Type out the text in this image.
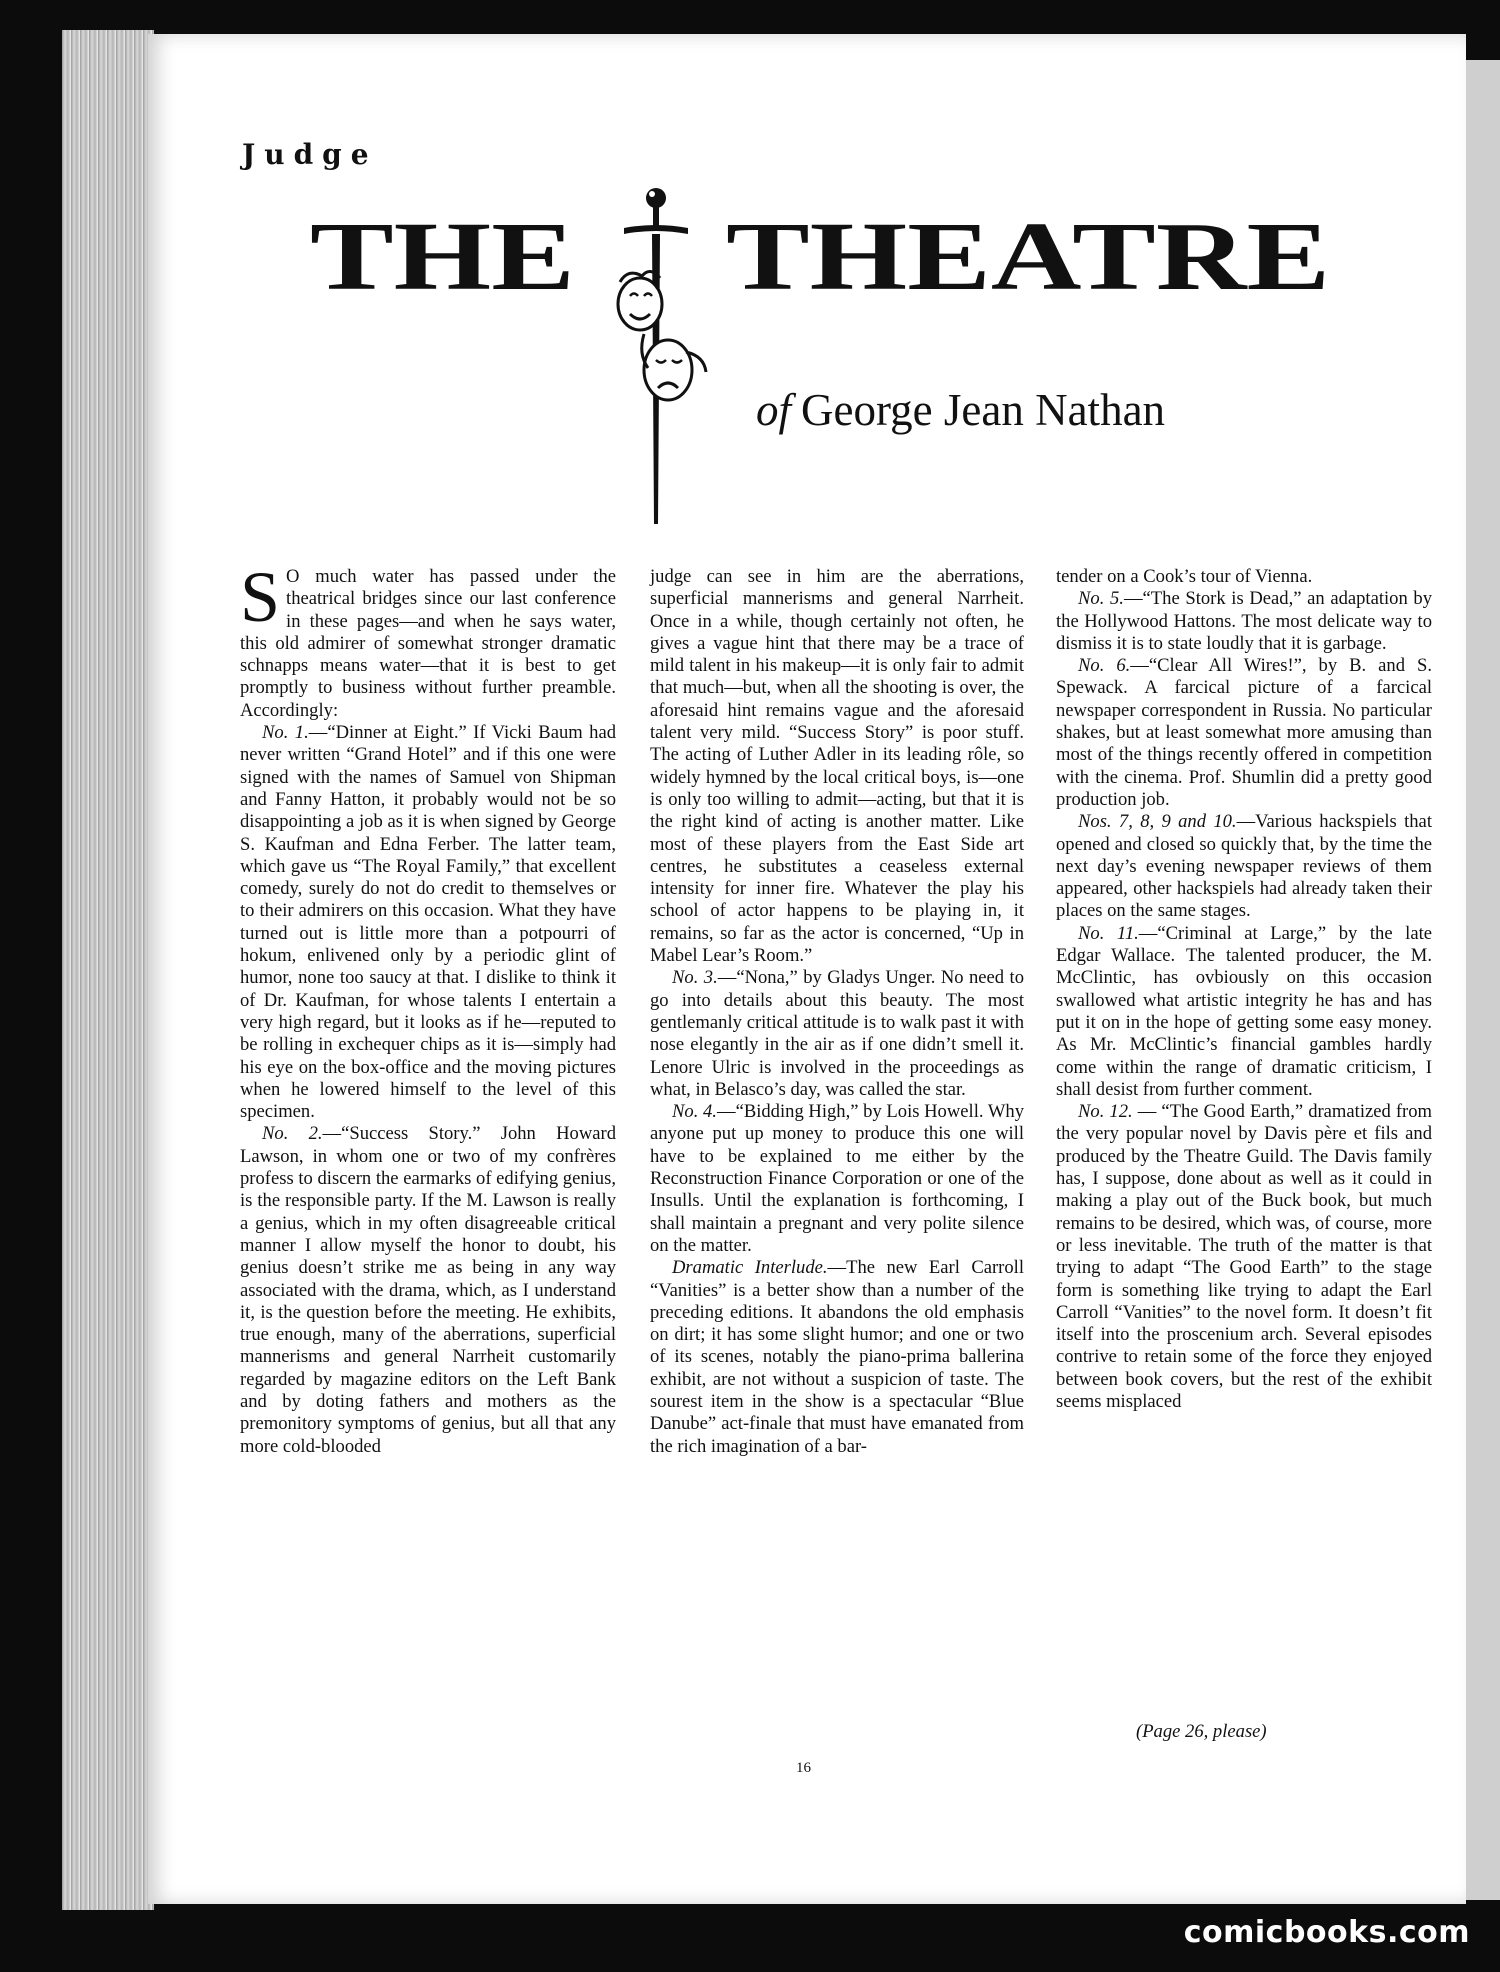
Judge
THE THEATRE
of George Jean Nathan

S O much water has passed under the theatrical bridges since our last conference in these pages—and when he says water, this old admirer of somewhat stronger dramatic schnapps means water—that it is best to get promptly to business without further preamble. Accordingly:

No. 1.—“Dinner at Eight.” If Vicki Baum had never written “Grand Hotel” and if this one were signed with the names of Samuel von Shipman and Fanny Hatton, it probably would not be so disappointing a job as it is when signed by George S. Kaufman and Edna Ferber. The latter team, which gave us “The Royal Family,” that excellent comedy, surely do not do credit to themselves or to their admirers on this occasion. What they have turned out is little more than a potpourri of hokum, enlivened only by a periodic glint of humor, none too saucy at that. I dislike to think it of Dr. Kaufman, for whose talents I entertain a very high regard, but it looks as if he—reputed to be rolling in exchequer chips as it is—simply had his eye on the box-office and the moving pictures when he lowered himself to the level of this specimen.

No. 2.—“Success Story.” John Howard Lawson, in whom one or two of my confrères profess to discern the earmarks of edifying genius, is the responsible party. If the M. Lawson is really a genius, which in my often disagreeable critical manner I allow myself the honor to doubt, his genius doesn’t strike me as being in any way associated with the drama, which, as I understand it, is the question before the meeting. He exhibits, true enough, many of the aberrations, superficial mannerisms and general Narrheit customarily regarded by magazine editors on the Left Bank and by doting fathers and mothers as the premonitory symptoms of genius, but all that any more cold-blooded

judge can see in him are the aberrations, superficial mannerisms and general Narrheit. Once in a while, though certainly not often, he gives a vague hint that there may be a trace of mild talent in his makeup—it is only fair to admit that much—but, when all the shooting is over, the aforesaid hint remains vague and the aforesaid talent very mild. “Success Story” is poor stuff. The acting of Luther Adler in its leading rôle, so widely hymned by the local critical boys, is—one is only too willing to admit—acting, but that it is the right kind of acting is another matter. Like most of these players from the East Side art centres, he substitutes a ceaseless external intensity for inner fire. Whatever the play his school of actor happens to be playing in, it remains, so far as the actor is concerned, “Up in Mabel Lear’s Room.”

No. 3.—“Nona,” by Gladys Unger. No need to go into details about this beauty. The most gentlemanly critical attitude is to walk past it with nose elegantly in the air as if one didn’t smell it. Lenore Ulric is involved in the proceedings as what, in Belasco’s day, was called the star.

No. 4.—“Bidding High,” by Lois Howell. Why anyone put up money to produce this one will have to be explained to me either by the Reconstruction Finance Corporation or one of the Insulls. Until the explanation is forthcoming, I shall maintain a pregnant and very polite silence on the matter.

Dramatic Interlude.—The new Earl Carroll “Vanities” is a better show than a number of the preceding editions. It abandons the old emphasis on dirt; it has some slight humor; and one or two of its scenes, notably the piano-prima ballerina exhibit, are not without a suspicion of taste. The sourest item in the show is a spectacular “Blue Danube” act-finale that must have emanated from the rich imagination of a bar-

tender on a Cook’s tour of Vienna.

No. 5.—“The Stork is Dead,” an adaptation by the Hollywood Hattons. The most delicate way to dismiss it is to state loudly that it is garbage.

No. 6.—“Clear All Wires!”, by B. and S. Spewack. A farcical picture of a farcical newspaper correspondent in Russia. No particular shakes, but at least somewhat more amusing than most of the things recently offered in competition with the cinema. Prof. Shumlin did a pretty good production job.

Nos. 7, 8, 9 and 10.—Various hackspiels that opened and closed so quickly that, by the time the next day’s evening newspaper reviews of them appeared, other hackspiels had already taken their places on the same stages.

No. 11.—“Criminal at Large,” by the late Edgar Wallace. The talented producer, the M. McClintic, has ovbiously on this occasion swallowed what artistic integrity he has and has put it on in the hope of getting some easy money. As Mr. McClintic’s financial gambles hardly come within the range of dramatic criticism, I shall desist from further comment.

No. 12. — “The Good Earth,” dramatized from the very popular novel by Davis père et fils and produced by the Theatre Guild. The Davis family has, I suppose, done about as well as it could in making a play out of the Buck book, but much remains to be desired, which was, of course, more or less inevitable. The truth of the matter is that trying to adapt “The Good Earth” to the stage form is something like trying to adapt the Earl Carroll “Vanities” to the novel form. It doesn’t fit itself into the proscenium arch. Several episodes contrive to retain some of the force they enjoyed between book covers, but the rest of the exhibit seems misplaced

(Page 26, please)
16
comicbooks.com
